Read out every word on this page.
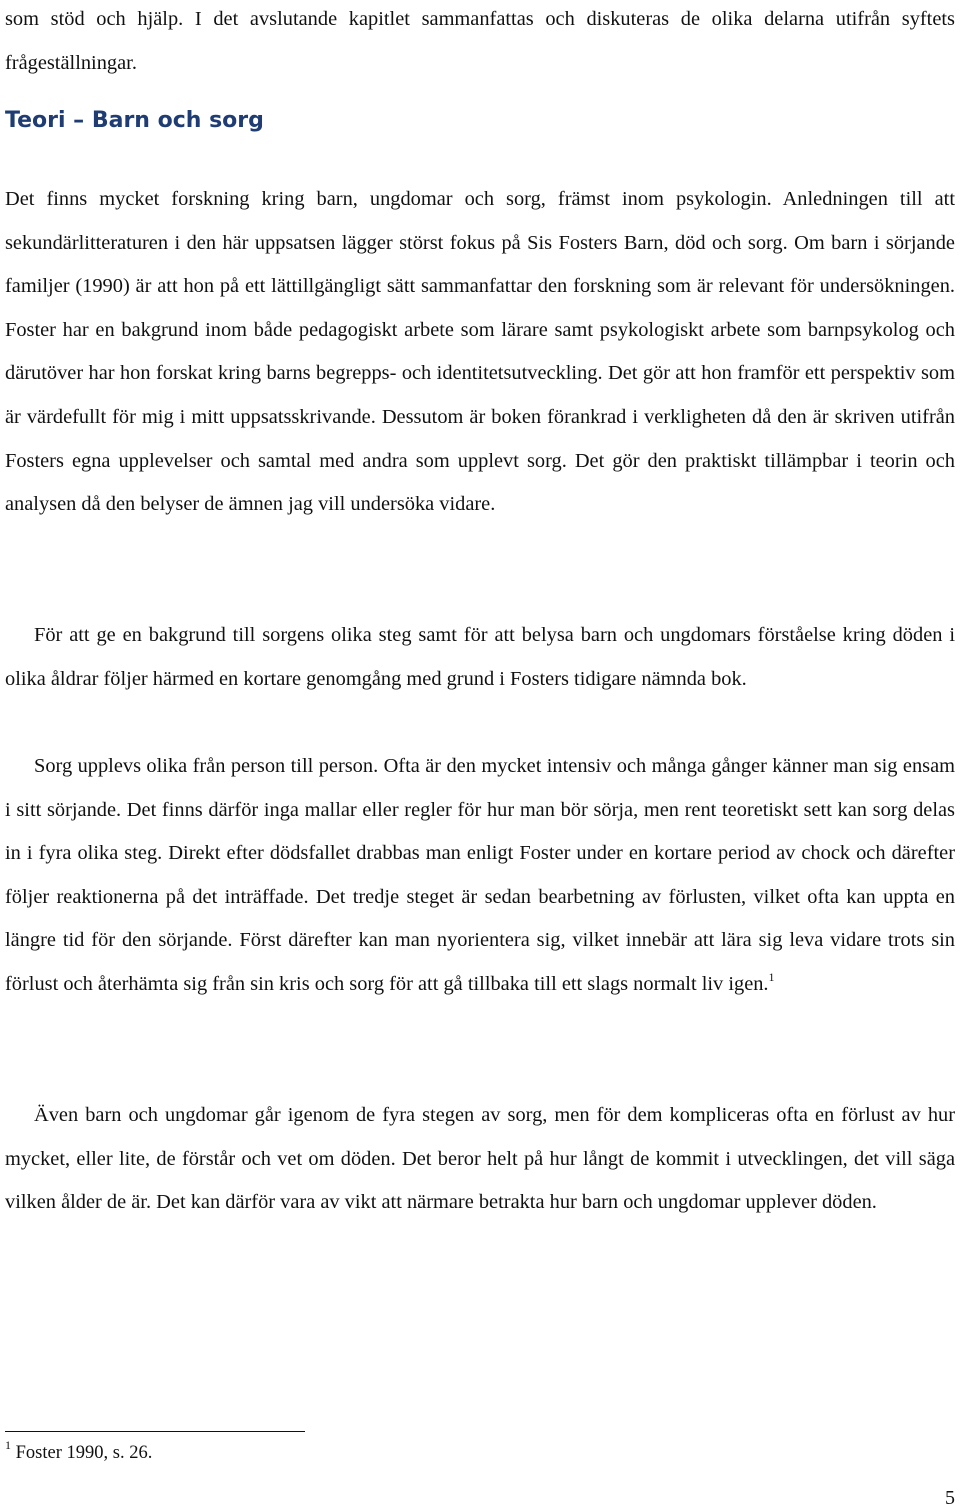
som stöd och hjälp. I det avslutande kapitlet sammanfattas och diskuteras de olika delarna utifrån syftets frågeställningar.

Teori – Barn och sorg

Det finns mycket forskning kring barn, ungdomar och sorg, främst inom psykologin. Anledningen till att sekundärlitteraturen i den här uppsatsen lägger störst fokus på Sis Fosters Barn, död och sorg. Om barn i sörjande familjer (1990) är att hon på ett lättillgängligt sätt sammanfattar den forskning som är relevant för undersökningen. Foster har en bakgrund inom både pedagogiskt arbete som lärare samt psykologiskt arbete som barnpsykolog och därutöver har hon forskat kring barns begrepps- och identitetsutveckling. Det gör att hon framför ett perspektiv som är värdefullt för mig i mitt uppsatsskrivande. Dessutom är boken förankrad i verkligheten då den är skriven utifrån Fosters egna upplevelser och samtal med andra som upplevt sorg. Det gör den praktiskt tillämpbar i teorin och analysen då den belyser de ämnen jag vill undersöka vidare.

För att ge en bakgrund till sorgens olika steg samt för att belysa barn och ungdomars förståelse kring döden i olika åldrar följer härmed en kortare genomgång med grund i Fosters tidigare nämnda bok.

Sorg upplevs olika från person till person. Ofta är den mycket intensiv och många gånger känner man sig ensam i sitt sörjande. Det finns därför inga mallar eller regler för hur man bör sörja, men rent teoretiskt sett kan sorg delas in i fyra olika steg. Direkt efter dödsfallet drabbas man enligt Foster under en kortare period av chock och därefter följer reaktionerna på det inträffade. Det tredje steget är sedan bearbetning av förlusten, vilket ofta kan uppta en längre tid för den sörjande. Först därefter kan man nyorientera sig, vilket innebär att lära sig leva vidare trots sin förlust och återhämta sig från sin kris och sorg för att gå tillbaka till ett slags normalt liv igen.$^1$

Även barn och ungdomar går igenom de fyra stegen av sorg, men för dem kompliceras ofta en förlust av hur mycket, eller lite, de förstår och vet om döden. Det beror helt på hur långt de kommit i utvecklingen, det vill säga vilken ålder de är. Det kan därför vara av vikt att närmare betrakta hur barn och ungdomar upplever döden.

$^1$ Foster 1990, s. 26.
5
